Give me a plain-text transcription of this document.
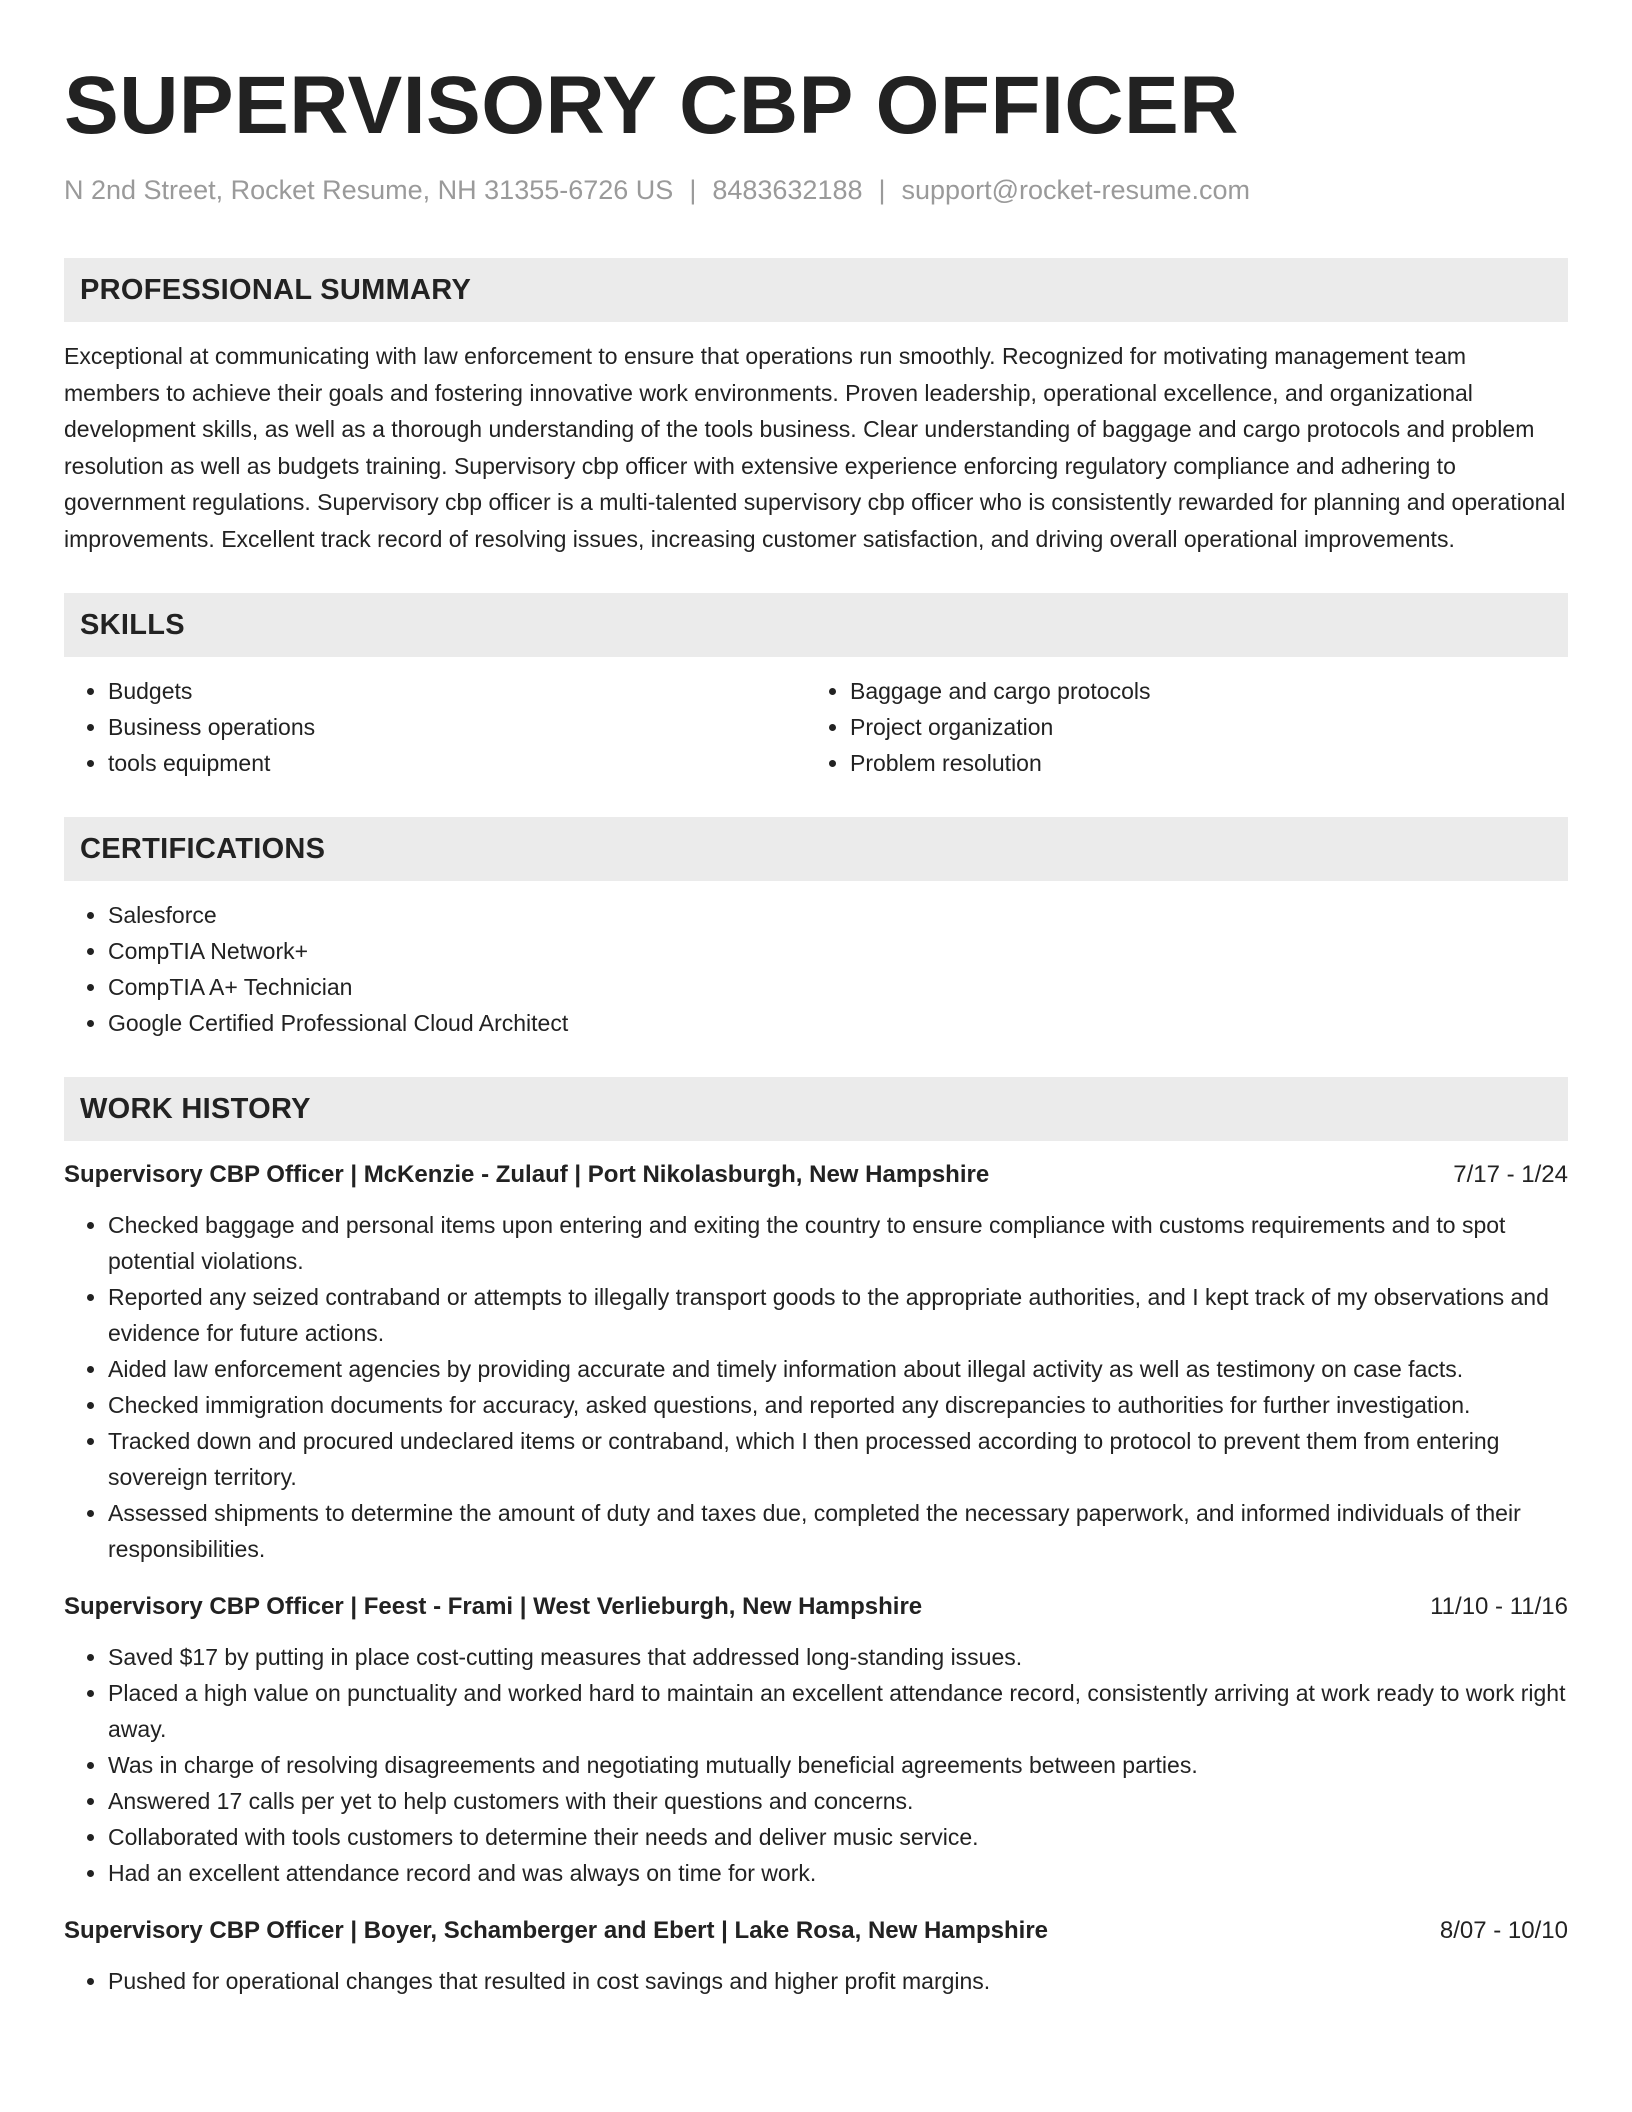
SUPERVISORY CBP OFFICER
N 2nd Street, Rocket Resume, NH 31355-6726 US | 8483632188 | support@rocket-resume.com
PROFESSIONAL SUMMARY
Exceptional at communicating with law enforcement to ensure that operations run smoothly. Recognized for motivating management team members to achieve their goals and fostering innovative work environments. Proven leadership, operational excellence, and organizational development skills, as well as a thorough understanding of the tools business. Clear understanding of baggage and cargo protocols and problem resolution as well as budgets training. Supervisory cbp officer with extensive experience enforcing regulatory compliance and adhering to government regulations. Supervisory cbp officer is a multi-talented supervisory cbp officer who is consistently rewarded for planning and operational improvements. Excellent track record of resolving issues, increasing customer satisfaction, and driving overall operational improvements.
SKILLS
• Budgets
• Business operations
• tools equipment
• Baggage and cargo protocols
• Project organization
• Problem resolution
CERTIFICATIONS
• Salesforce
• CompTIA Network+
• CompTIA A+ Technician
• Google Certified Professional Cloud Architect
WORK HISTORY
Supervisory CBP Officer | McKenzie - Zulauf | Port Nikolasburgh, New Hampshire	7/17 - 1/24
• Checked baggage and personal items upon entering and exiting the country to ensure compliance with customs requirements and to spot potential violations.
• Reported any seized contraband or attempts to illegally transport goods to the appropriate authorities, and I kept track of my observations and evidence for future actions.
• Aided law enforcement agencies by providing accurate and timely information about illegal activity as well as testimony on case facts.
• Checked immigration documents for accuracy, asked questions, and reported any discrepancies to authorities for further investigation.
• Tracked down and procured undeclared items or contraband, which I then processed according to protocol to prevent them from entering sovereign territory.
• Assessed shipments to determine the amount of duty and taxes due, completed the necessary paperwork, and informed individuals of their responsibilities.
Supervisory CBP Officer | Feest - Frami | West Verlieburgh, New Hampshire	11/10 - 11/16
• Saved $17 by putting in place cost-cutting measures that addressed long-standing issues.
• Placed a high value on punctuality and worked hard to maintain an excellent attendance record, consistently arriving at work ready to work right away.
• Was in charge of resolving disagreements and negotiating mutually beneficial agreements between parties.
• Answered 17 calls per yet to help customers with their questions and concerns.
• Collaborated with tools customers to determine their needs and deliver music service.
• Had an excellent attendance record and was always on time for work.
Supervisory CBP Officer | Boyer, Schamberger and Ebert | Lake Rosa, New Hampshire	8/07 - 10/10
• Pushed for operational changes that resulted in cost savings and higher profit margins.
